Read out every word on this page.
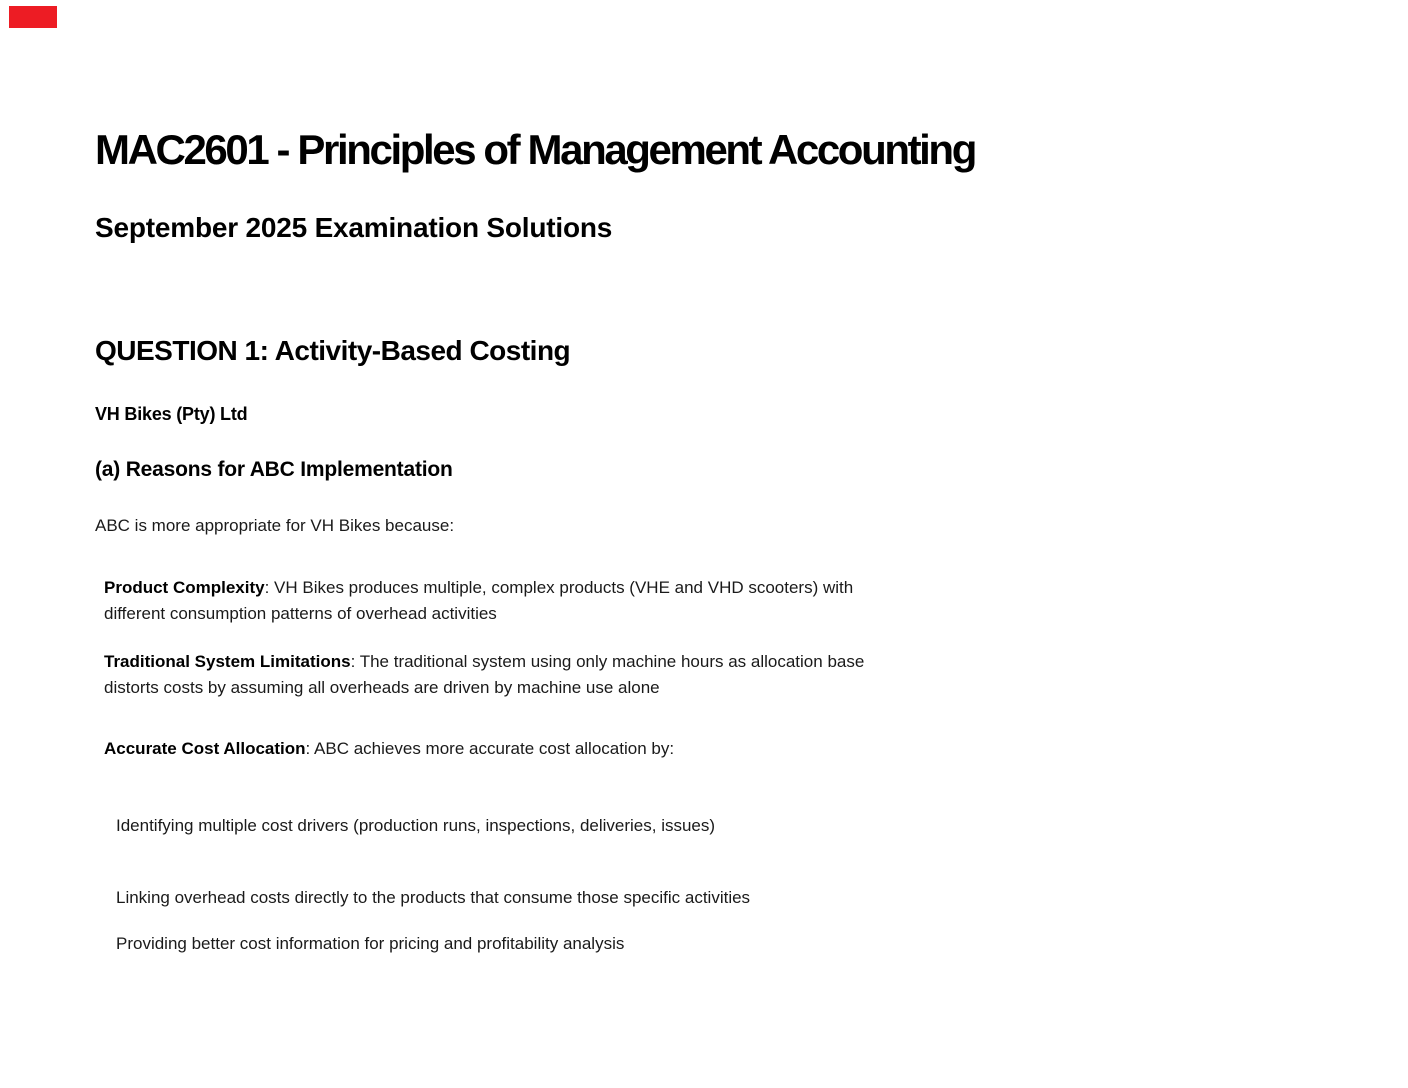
MAC2601 - Principles of Management Accounting
September 2025 Examination Solutions
QUESTION 1: Activity-Based Costing
VH Bikes (Pty) Ltd
(a) Reasons for ABC Implementation

ABC is more appropriate for VH Bikes because:

Product Complexity: VH Bikes produces multiple, complex products (VHE and VHD scooters) with different consumption patterns of overhead activities

Traditional System Limitations: The traditional system using only machine hours as allocation base distorts costs by assuming all overheads are driven by machine use alone

Accurate Cost Allocation: ABC achieves more accurate cost allocation by:

Identifying multiple cost drivers (production runs, inspections, deliveries, issues)

Linking overhead costs directly to the products that consume those specific activities

Providing better cost information for pricing and profitability analysis
